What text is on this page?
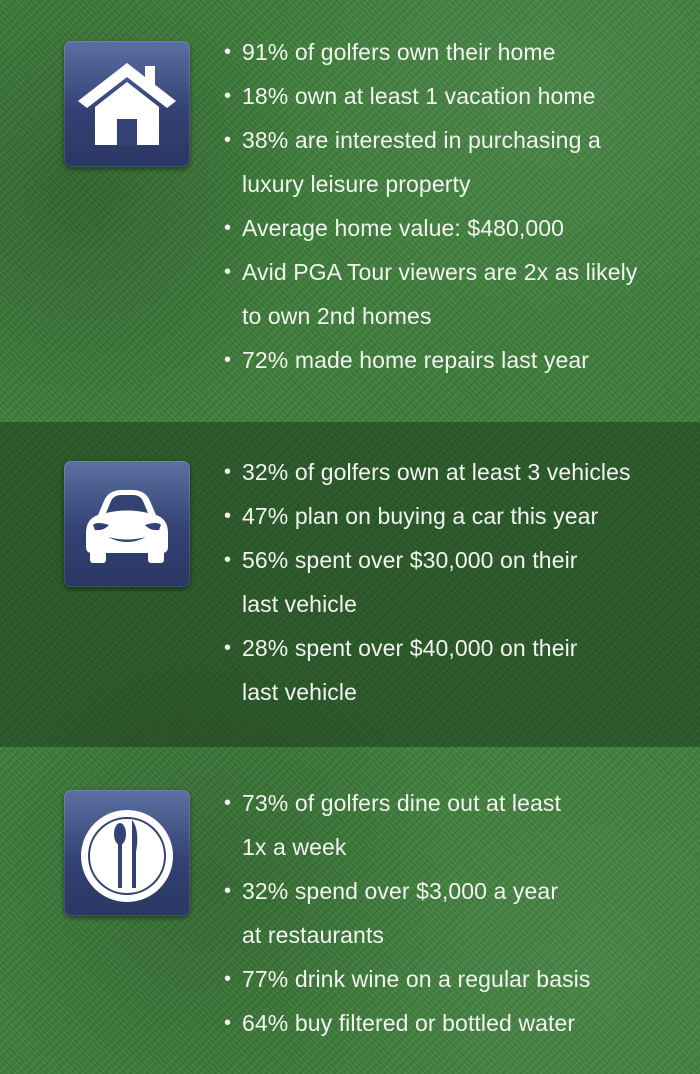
• 91% of golfers own their home
• 18% own at least 1 vacation home
• 38% are interested in purchasing a
luxury leisure property
• Average home value: $480,000
• Avid PGA Tour viewers are 2x as likely
to own 2nd homes
• 72% made home repairs last year
• 32% of golfers own at least 3 vehicles
• 47% plan on buying a car this year
• 56% spent over $30,000 on their
last vehicle
• 28% spent over $40,000 on their
last vehicle
• 73% of golfers dine out at least
1x a week
• 32% spend over $3,000 a year
at restaurants
• 77% drink wine on a regular basis
• 64% buy filtered or bottled water
